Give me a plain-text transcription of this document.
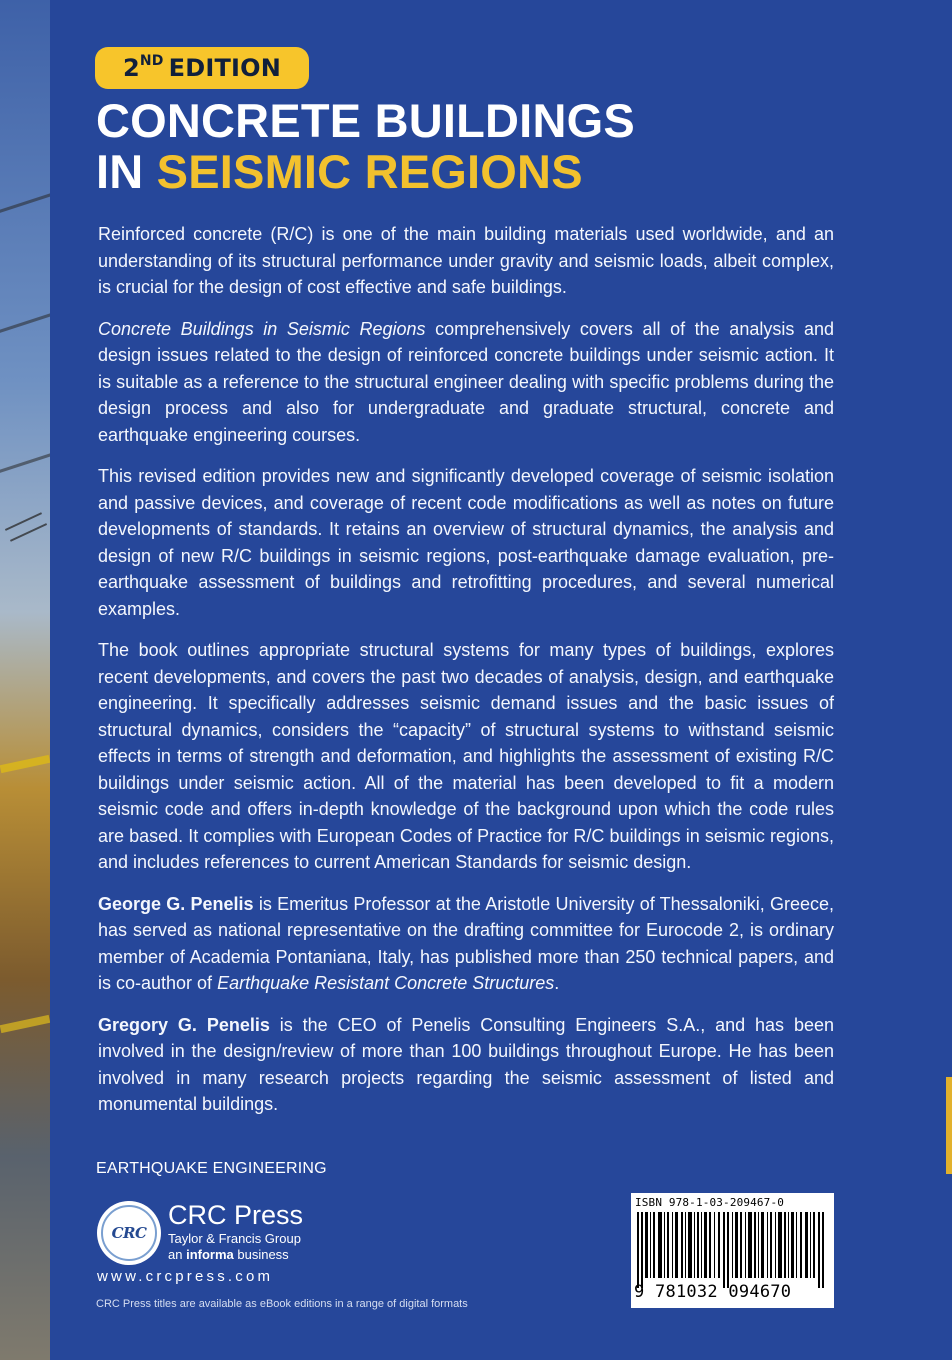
2ND EDITION
CONCRETE BUILDINGS
IN SEISMIC REGIONS

Reinforced concrete (R/C) is one of the main building materials used worldwide, and an understanding of its structural performance under gravity and seismic loads, albeit complex, is crucial for the design of cost effective and safe buildings.

Concrete Buildings in Seismic Regions comprehensively covers all of the analysis and design issues related to the design of reinforced concrete buildings under seismic action. It is suitable as a reference to the structural engineer dealing with specific problems during the design process and also for undergraduate and graduate structural, concrete and earthquake engineering courses.

This revised edition provides new and significantly developed coverage of seismic isolation and passive devices, and coverage of recent code modifications as well as notes on future developments of standards. It retains an overview of structural dynamics, the analysis and design of new R/C buildings in seismic regions, post-earthquake damage evaluation, pre-earthquake assessment of buildings and retrofitting procedures, and several numerical examples.

The book outlines appropriate structural systems for many types of buildings, explores recent developments, and covers the past two decades of analysis, design, and earthquake engineering. It specifically addresses seismic demand issues and the basic issues of structural dynamics, considers the “capacity” of structural systems to withstand seismic effects in terms of strength and deformation, and highlights the assessment of existing R/C buildings under seismic action. All of the material has been developed to fit a modern seismic code and offers in-depth knowledge of the background upon which the code rules are based. It complies with European Codes of Practice for R/C buildings in seismic regions, and includes references to current American Standards for seismic design.

George G. Penelis is Emeritus Professor at the Aristotle University of Thessaloniki, Greece, has served as national representative on the drafting committee for Eurocode 2, is ordinary member of Academia Pontaniana, Italy, has published more than 250 technical papers, and is co-author of Earthquake Resistant Concrete Structures.

Gregory G. Penelis is the CEO of Penelis Consulting Engineers S.A., and has been involved in the design/review of more than 100 buildings throughout Europe. He has been involved in many research projects regarding the seismic assessment of listed and monumental buildings.

EARTHQUAKE ENGINEERING
CRC
CRC Press
Taylor & Francis Group
an informa business
www.crcpress.com
CRC Press titles are available as eBook editions in a range of digital formats
ISBN 978-1-03-209467-0
9 781032 094670
